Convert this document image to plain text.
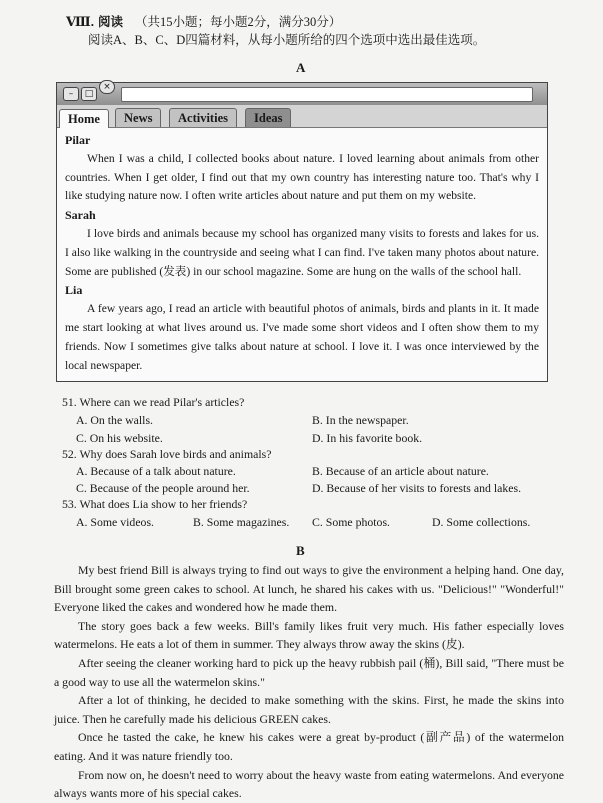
Ⅷ. 阅读 （共15小题；每小题2分，满分30分）
阅读A、B、C、D四篇材料，从每小题所给的四个选项中选出最佳选项。
A
–	□
×
Home	News	Activities	Ideas
Pilar

When I was a child, I collected books about nature. I loved learning about animals from other countries. When I get older, I find out that my own country has interesting nature too. That's why I like studying nature now. I often write articles about nature and put them on my website.

Sarah

I love birds and animals because my school has organized many visits to forests and lakes for us. I also like walking in the countryside and seeing what I can find. I've taken many photos about nature. Some are published (发表) in our school magazine. Some are hung on the walls of the school hall.

Lia

A few years ago, I read an article with beautiful photos of animals, birds and plants in it. It made me start looking at what lives around us. I've made some short videos and I often show them to my friends. Now I sometimes give talks about nature at school. I love it. I was once interviewed by the local newspaper.

51. Where can we read Pilar's articles?
A. On the walls.	B. In the newspaper.
C. On his website.	D. In his favorite book.
52. Why does Sarah love birds and animals?
A. Because of a talk about nature.	B. Because of an article about nature.
C. Because of the people around her.	D. Because of her visits to forests and lakes.
53. What does Lia show to her friends?
A. Some videos.	B. Some magazines. C. Some photos.	D. Some collections.
B

My best friend Bill is always trying to find out ways to give the environment a helping hand. One day, Bill brought some green cakes to school. At lunch, he shared his cakes with us. "Delicious!" "Wonderful!" Everyone liked the cakes and wondered how he made them.

The story goes back a few weeks. Bill's family likes fruit very much. His father especially loves watermelons. He eats a lot of them in summer. They always throw away the skins (皮).

After seeing the cleaner working hard to pick up the heavy rubbish pail (桶), Bill said, "There must be a good way to use all the watermelon skins."

After a lot of thinking, he decided to make something with the skins. First, he made the skins into juice. Then he carefully made his delicious GREEN cakes.

Once he tasted the cake, he knew his cakes were a great by-product (副产品) of the watermelon eating. And it was nature friendly too.

From now on, he doesn't need to worry about the heavy waste from eating watermelons. And everyone always wants more of his special cakes.
